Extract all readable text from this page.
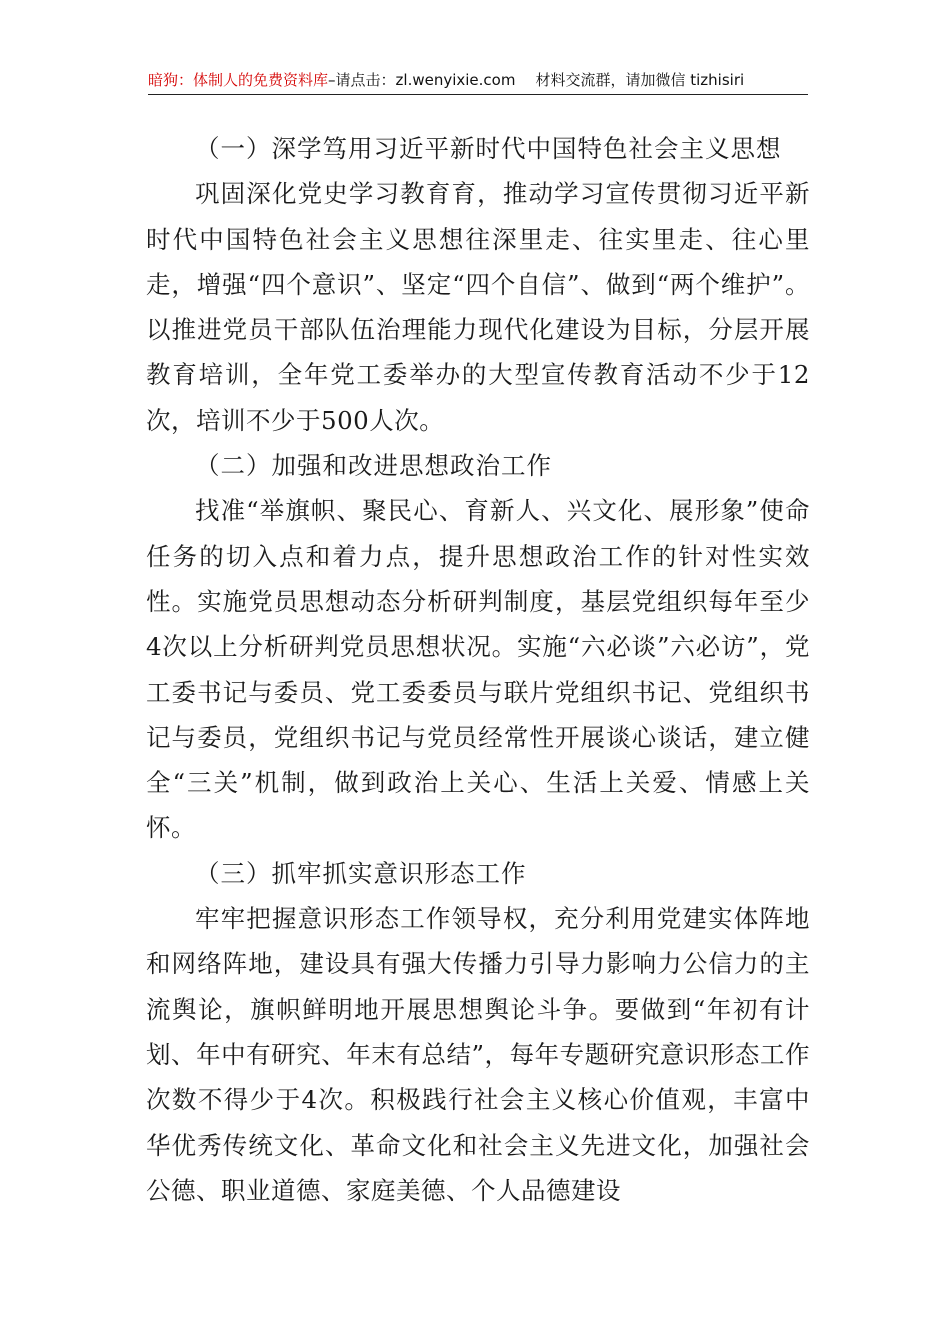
暗狗：体制人的免费资料库–请点击：zl.wenyixie.com 材料交流群，请加微信 tizhisiri

（一）深学笃用习近平新时代中国特色社会主义思想

巩固深化党史学习教育育，推动学习宣传贯彻习近平新时代中国特色社会主义思想往深里走、往实里走、往心里走，增强“四个意识”、坚定“四个自信”、做到“两个维护”。以推进党员干部队伍治理能力现代化建设为目标，分层开展教育培训，全年党工委举办的大型宣传教育活动不少于12次，培训不少于500人次。

（二）加强和改进思想政治工作

找准“举旗帜、聚民心、育新人、兴文化、展形象”使命任务的切入点和着力点，提升思想政治工作的针对性实效性。实施党员思想动态分析研判制度，基层党组织每年至少4次以上分析研判党员思想状况。实施“六必谈”六必访”，党工委书记与委员、党工委委员与联片党组织书记、党组织书记与委员，党组织书记与党员经常性开展谈心谈话，建立健全“三关”机制，做到政治上关心、生活上关爱、情感上关怀。

（三）抓牢抓实意识形态工作

牢牢把握意识形态工作领导权，充分利用党建实体阵地和网络阵地，建设具有强大传播力引导力影响力公信力的主流舆论，旗帜鲜明地开展思想舆论斗争。要做到“年初有计划、年中有研究、年末有总结”，每年专题研究意识形态工作次数不得少于4次。积极践行社会主义核心价值观，丰富中华优秀传统文化、革命文化和社会主义先进文化，加强社会公德、职业道德、家庭美德、个人品德建设
